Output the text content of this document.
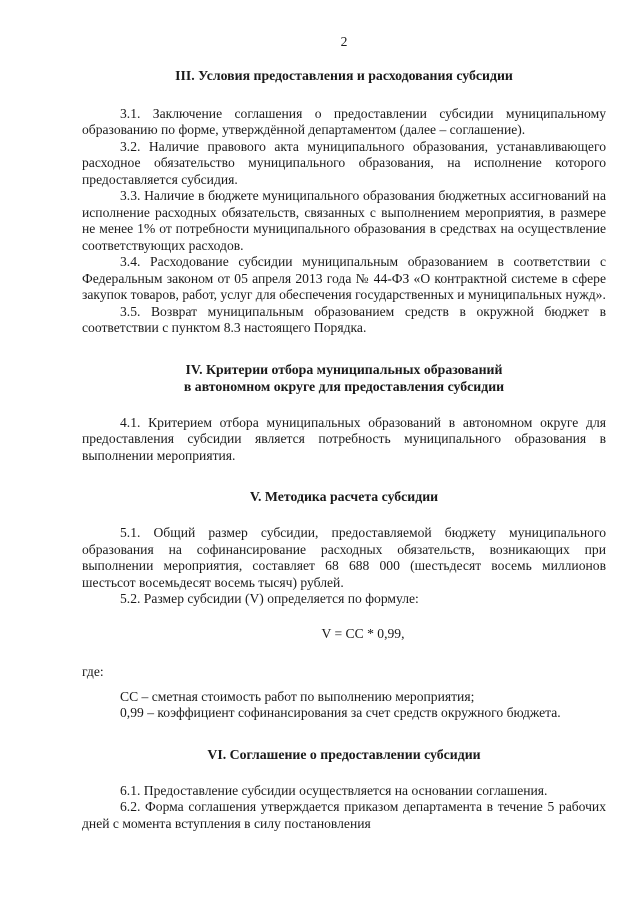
2
III. Условия предоставления и расходования субсидии

3.1. Заключение соглашения о предоставлении субсидии муниципальному образованию по форме, утверждённой департаментом (далее – соглашение).

3.2. Наличие правового акта муниципального образования, устанавливающего расходное обязательство муниципального образования, на исполнение которого предоставляется субсидия.

3.3. Наличие в бюджете муниципального образования бюджетных ассигнований на исполнение расходных обязательств, связанных с выполнением мероприятия, в размере не менее 1% от потребности муниципального образования в средствах на осуществление соответствующих расходов.

3.4. Расходование субсидии муниципальным образованием в соответствии с Федеральным законом от 05 апреля 2013 года № 44-ФЗ «О контрактной системе в сфере закупок товаров, работ, услуг для обеспечения государственных и муниципальных нужд».

3.5. Возврат муниципальным образованием средств в окружной бюджет в соответствии с пунктом 8.3 настоящего Порядка.

IV. Критерии отбора муниципальных образований
в автономном округе для предоставления субсидии

4.1. Критерием отбора муниципальных образований в автономном округе для предоставления субсидии является потребность муниципального образования в выполнении мероприятия.

V. Методика расчета субсидии

5.1. Общий размер субсидии, предоставляемой бюджету муниципального образования на софинансирование расходных обязательств, возникающих при выполнении мероприятия, составляет 68 688 000 (шестьдесят восемь миллионов шестьсот восемьдесят восемь тысяч) рублей.

5.2. Размер субсидии (V) определяется по формуле:

V = CC * 0,99,

где:

CC – сметная стоимость работ по выполнению мероприятия;

0,99 – коэффициент софинансирования за счет средств окружного бюджета.

VI. Соглашение о предоставлении субсидии

6.1. Предоставление субсидии осуществляется на основании соглашения.

6.2. Форма соглашения утверждается приказом департамента в течение 5 рабочих дней с момента вступления в силу постановления
